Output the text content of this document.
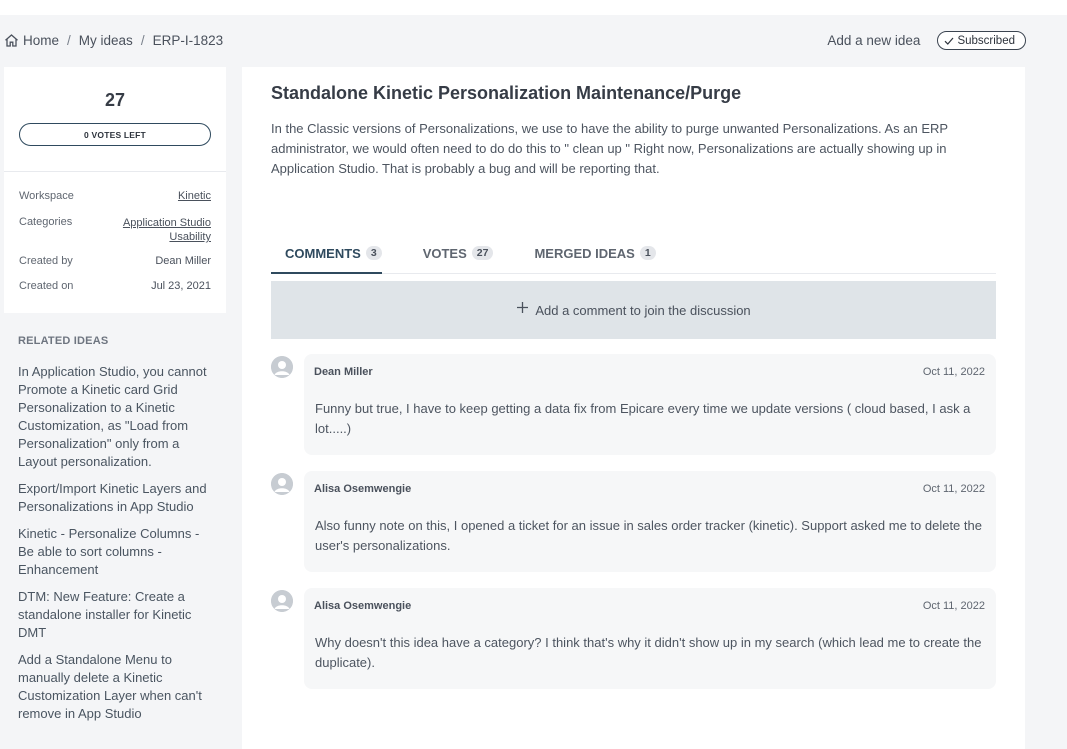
Home / My ideas / ERP-I-1823	Add a new idea	Subscribed
27
0 VOTES LEFT
Workspace	Kinetic
Categories	Application Studio
Usability
Created by	Dean Miller
Created on	Jul 23, 2021
RELATED IDEAS
In Application Studio, you cannot Promote a Kinetic card Grid Personalization to a Kinetic Customization, as "Load from Personalization" only from a Layout personalization.
Export/Import Kinetic Layers and Personalizations in App Studio
Kinetic - Personalize Columns - Be able to sort columns - Enhancement
DTM: New Feature: Create a standalone installer for Kinetic DMT
Add a Standalone Menu to manually delete a Kinetic Customization Layer when can't remove in App Studio
Standalone Kinetic Personalization Maintenance/Purge

In the Classic versions of Personalizations, we use to have the ability to purge unwanted Personalizations. As an ERP administrator, we would often need to do do this to " clean up " Right now, Personalizations are actually showing up in Application Studio. That is probably a bug and will be reporting that.

COMMENTS 3	VOTES 27	MERGED IDEAS 1
Add a comment to join the discussion
Dean Miller	Oct 11, 2022

Funny but true, I have to keep getting a data fix from Epicare every time we update versions ( cloud based, I ask a lot.....)

Alisa Osemwengie	Oct 11, 2022

Also funny note on this, I opened a ticket for an issue in sales order tracker (kinetic). Support asked me to delete the user's personalizations.

Alisa Osemwengie	Oct 11, 2022

Why doesn't this idea have a category? I think that's why it didn't show up in my search (which lead me to create the duplicate).
